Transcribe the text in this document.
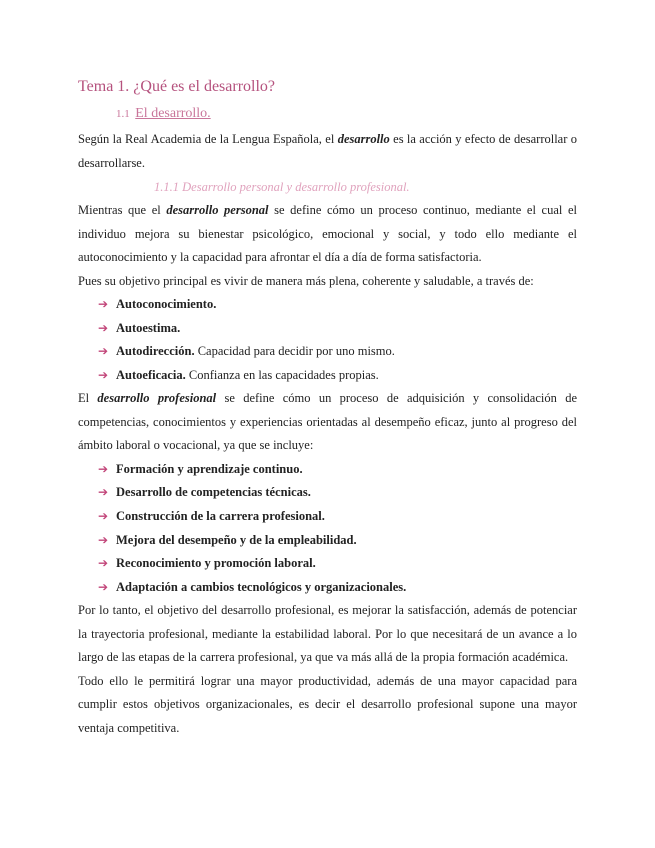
Tema 1. ¿Qué es el desarrollo?
1.1 El desarrollo.

Según la Real Academia de la Lengua Española, el desarrollo es la acción y efecto de desarrollar o desarrollarse.

1.1.1 Desarrollo personal y desarrollo profesional.

Mientras que el desarrollo personal se define cómo un proceso continuo, mediante el cual el individuo mejora su bienestar psicológico, emocional y social, y todo ello mediante el autoconocimiento y la capacidad para afrontar el día a día de forma satisfactoria.

Pues su objetivo principal es vivir de manera más plena, coherente y saludable, a través de:

➔ Autoconocimiento.
➔ Autoestima.
➔ Autodirección. Capacidad para decidir por uno mismo.
➔ Autoeficacia. Confianza en las capacidades propias.

El desarrollo profesional se define cómo un proceso de adquisición y consolidación de competencias, conocimientos y experiencias orientadas al desempeño eficaz, junto al progreso del ámbito laboral o vocacional, ya que se incluye:

➔ Formación y aprendizaje continuo.
➔ Desarrollo de competencias técnicas.
➔ Construcción de la carrera profesional.
➔ Mejora del desempeño y de la empleabilidad.
➔ Reconocimiento y promoción laboral.
➔ Adaptación a cambios tecnológicos y organizacionales.

Por lo tanto, el objetivo del desarrollo profesional, es mejorar la satisfacción, además de potenciar la trayectoria profesional, mediante la estabilidad laboral. Por lo que necesitará de un avance a lo largo de las etapas de la carrera profesional, ya que va más allá de la propia formación académica.

Todo ello le permitirá lograr una mayor productividad, además de una mayor capacidad para cumplir estos objetivos organizacionales, es decir el desarrollo profesional supone una mayor ventaja competitiva.
